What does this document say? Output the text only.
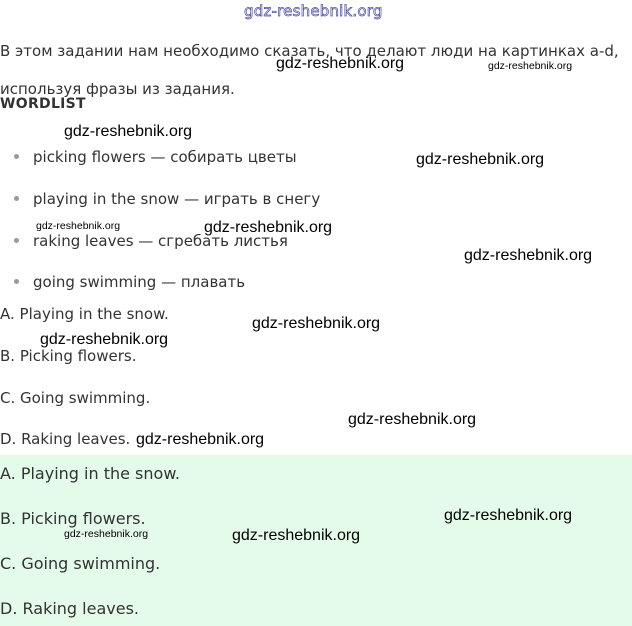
gdz-reshebnik.org
В этом задании нам необходимо сказать, что делают люди на картинках a-d, используя фразы из задания.
WORDLIST
picking flowers — собирать цветы
playing in the snow — играть в снегу
raking leaves — сгребать листья
going swimming — плавать
A. Playing in the snow.
B. Picking flowers.
C. Going swimming.
D. Raking leaves.
A. Playing in the snow.
B. Picking flowers.
C. Going swimming.
D. Raking leaves.
gdz-reshebnik.org	gdz-reshebnik.org
gdz-reshebnik.org
gdz-reshebnik.org
gdz-reshebnik.org	gdz-reshebnik.org
gdz-reshebnik.org
gdz-reshebnik.org
gdz-reshebnik.org
gdz-reshebnik.org
gdz-reshebnik.org
gdz-reshebnik.org
gdz-reshebnik.org	gdz-reshebnik.org
